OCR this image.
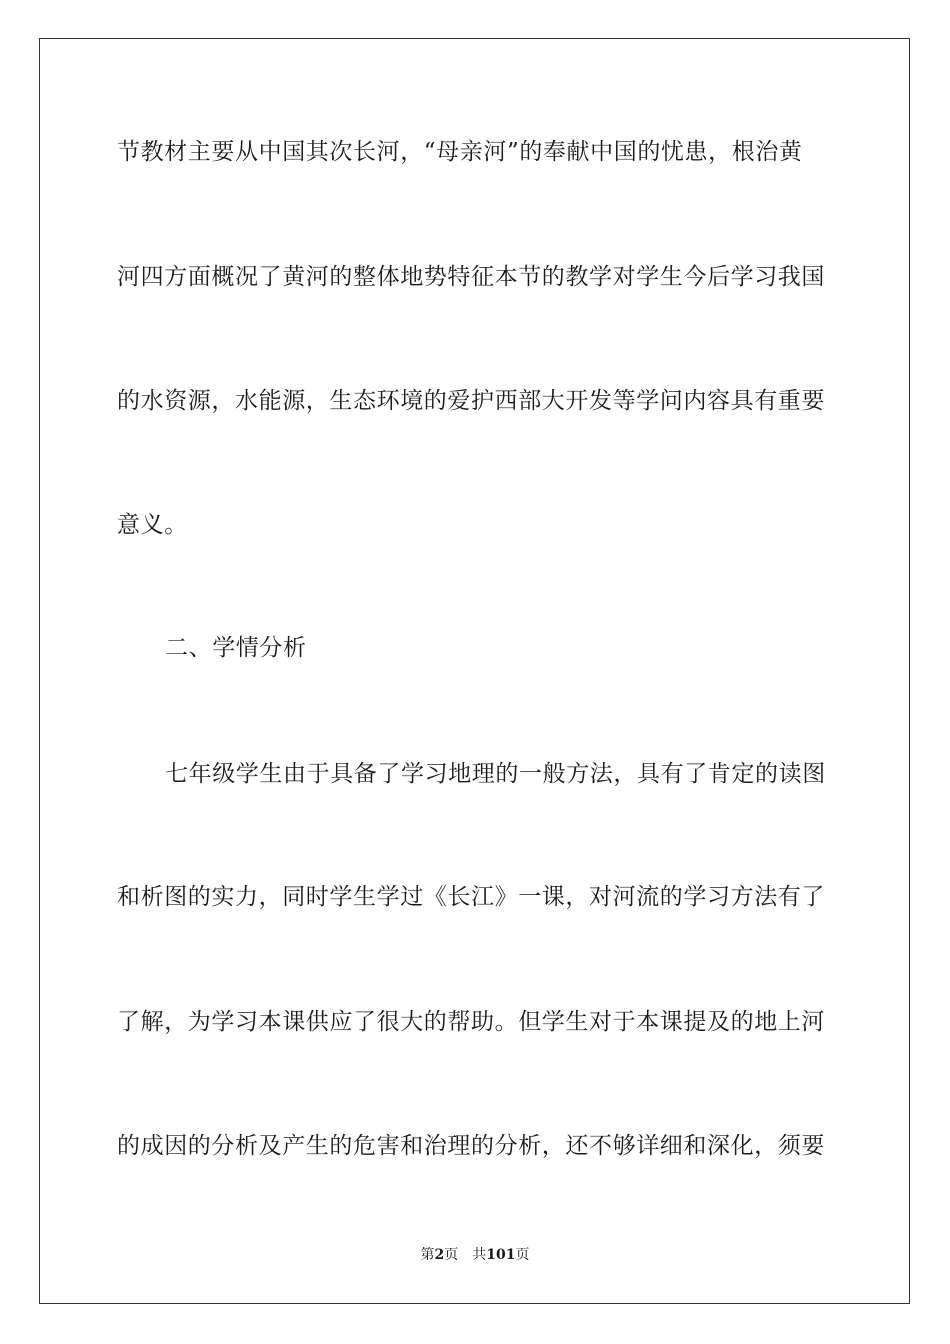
节教材主要从中国其次长河，“母亲河”的奉献中国的忧患，根治黄
河四方面概况了黄河的整体地势特征本节的教学对学生今后学习我国
的水资源，水能源，生态环境的爱护西部大开发等学问内容具有重要
意义。
二、学情分析
七年级学生由于具备了学习地理的一般方法，具有了肯定的读图
和析图的实力，同时学生学过《长江》一课，对河流的学习方法有了
了解，为学习本课供应了很大的帮助。但学生对于本课提及的地上河
的成因的分析及产生的危害和治理的分析，还不够详细和深化，须要
第2页 共101页
